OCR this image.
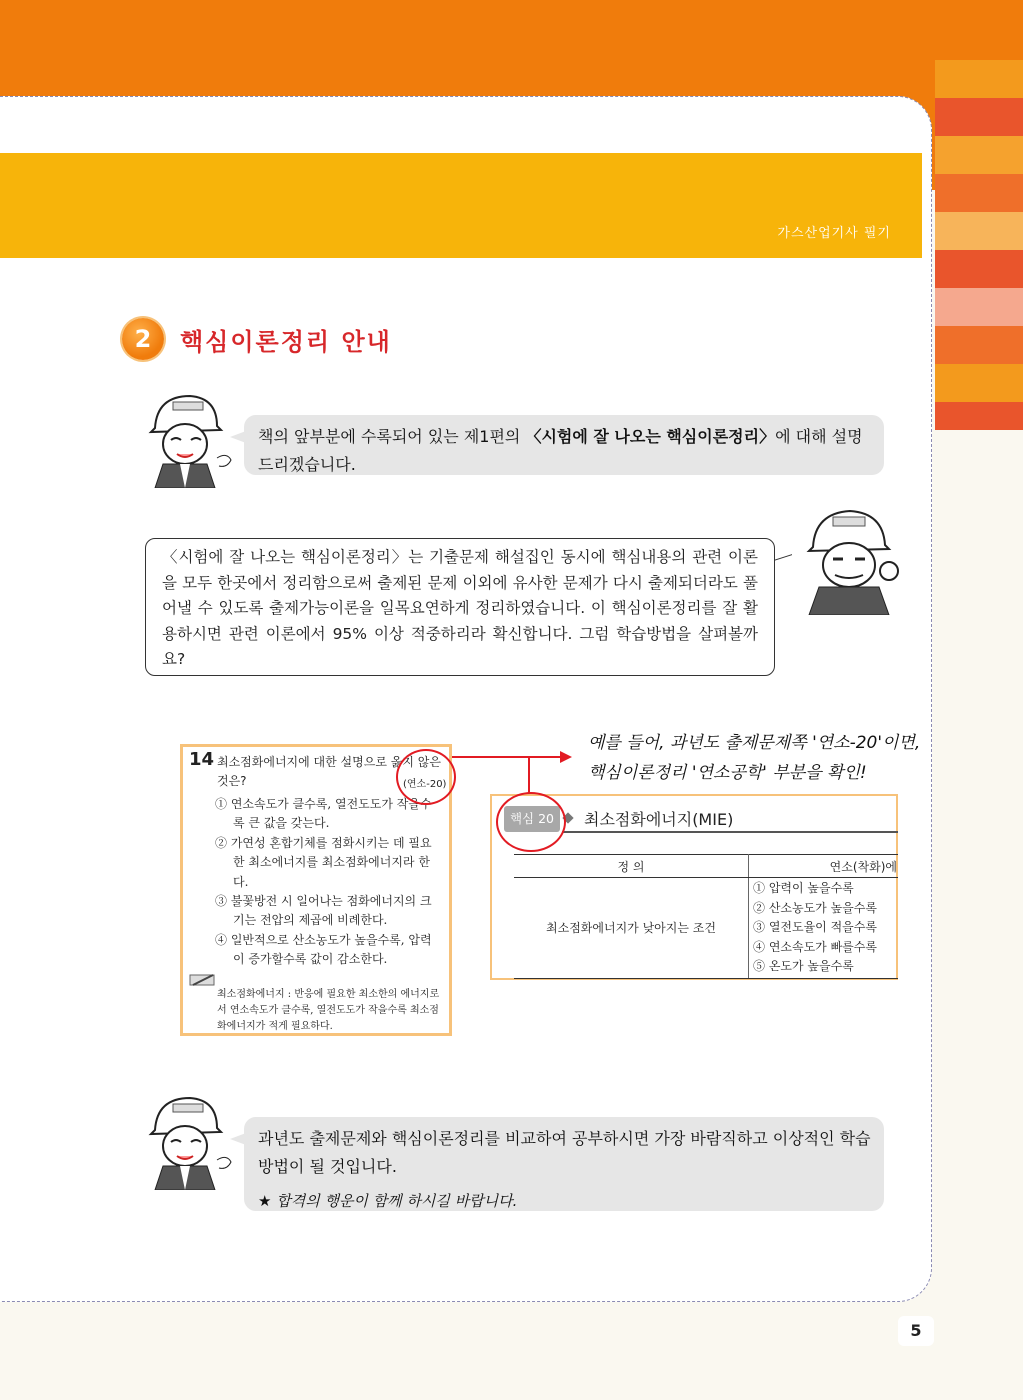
가스산업기사 필기
2	핵심이론정리 안내
책의 앞부분에 수록되어 있는 제1편의 〈시험에 잘 나오는 핵심이론정리〉에 대해 설명드리겠습니다.
〈시험에 잘 나오는 핵심이론정리〉는 기출문제 해설집인 동시에 핵심내용의 관련 이론을 모두 한곳에서 정리함으로써 출제된 문제 이외에 유사한 문제가 다시 출제되더라도 풀어낼 수 있도록 출제가능이론을 일목요연하게 정리하였습니다. 이 핵심이론정리를 잘 활용하시면 관련 이론에서 95% 이상 적중하리라 확신합니다. 그럼 학습방법을 살펴볼까요?
14 최소점화에너지에 대한 설명으로 옳지 않은 것은?	(연소-20)
① 연소속도가 클수록, 열전도도가 작을수록 큰 값을 갖는다.
② 가연성 혼합기체를 점화시키는 데 필요한 최소에너지를 최소점화에너지라 한다.
③ 불꽃방전 시 일어나는 점화에너지의 크기는 전압의 제곱에 비례한다.
④ 일반적으로 산소농도가 높을수록, 압력이 증가할수록 값이 감소한다.
최소점화에너지 : 반응에 필요한 최소한의 에너지로서 연소속도가 클수록, 열전도도가 작을수록 최소점화에너지가 적게 필요하다.
예를 들어, 과년도 출제문제쪽 '연소-20'이면,
핵심이론정리 '연소공학' 부분을 확인!
핵심 20	최소점화에너지(MIE)
정 의	연소(착화)에
최소점화에너지가 낮아지는 조건	① 압력이 높을수록
② 산소농도가 높을수록
③ 열전도율이 적을수록
④ 연소속도가 빠를수록
⑤ 온도가 높을수록
과년도 출제문제와 핵심이론정리를 비교하여 공부하시면 가장 바람직하고 이상적인 학습방법이 될 것입니다.
★ 합격의 행운이 함께 하시길 바랍니다.
5
